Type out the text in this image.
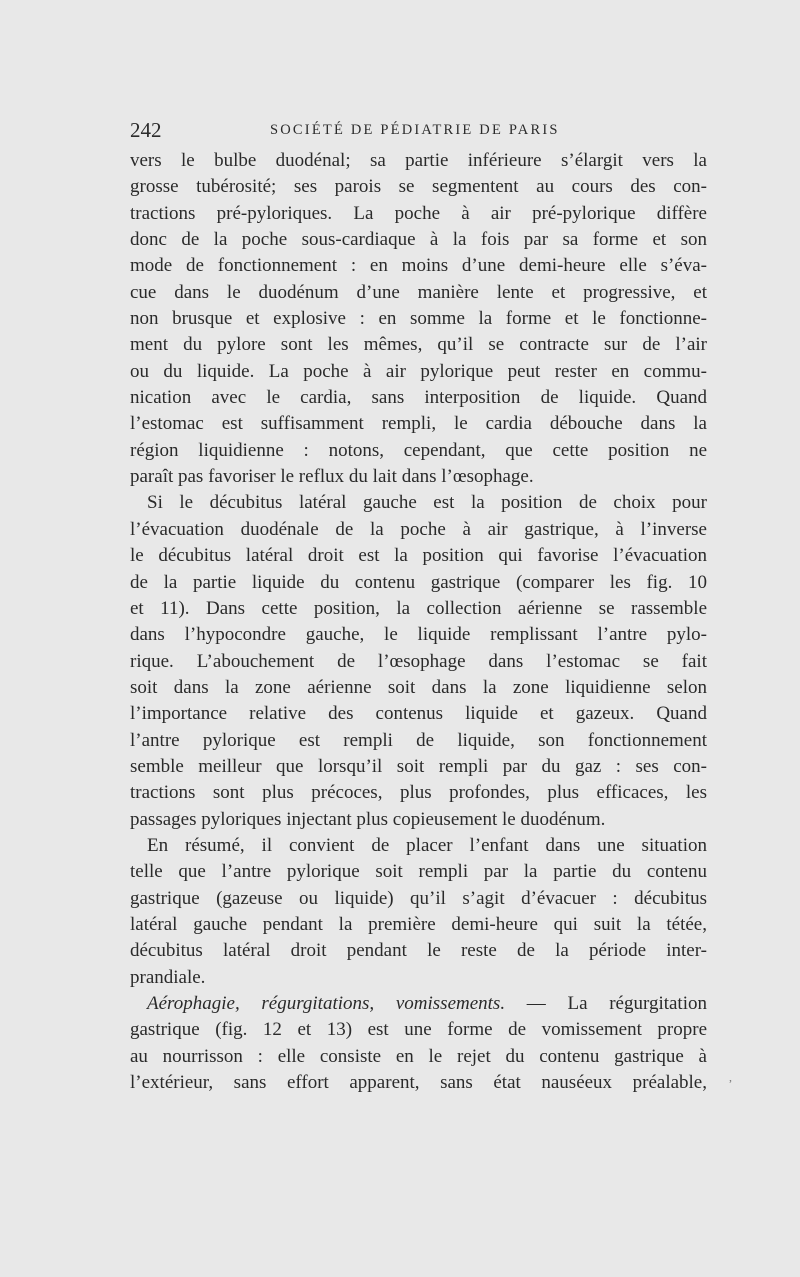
242	SOCIÉTÉ DE PÉDIATRIE DE PARIS
vers le bulbe duodénal; sa partie inférieure s’élargit vers la
grosse tubérosité; ses parois se segmentent au cours des con-
tractions pré-pyloriques. La poche à air pré-pylorique diffère
donc de la poche sous-cardiaque à la fois par sa forme et son
mode de fonctionnement : en moins d’une demi-heure elle s’éva-
cue dans le duodénum d’une manière lente et progressive, et
non brusque et explosive : en somme la forme et le fonctionne-
ment du pylore sont les mêmes, qu’il se contracte sur de l’air
ou du liquide. La poche à air pylorique peut rester en commu-
nication avec le cardia, sans interposition de liquide. Quand
l’estomac est suffisamment rempli, le cardia débouche dans la
région liquidienne : notons, cependant, que cette position ne
paraît pas favoriser le reflux du lait dans l’œsophage.
Si le décubitus latéral gauche est la position de choix pour
l’évacuation duodénale de la poche à air gastrique, à l’inverse
le décubitus latéral droit est la position qui favorise l’évacuation
de la partie liquide du contenu gastrique (comparer les fig. 10
et 11). Dans cette position, la collection aérienne se rassemble
dans l’hypocondre gauche, le liquide remplissant l’antre pylo-
rique. L’abouchement de l’œsophage dans l’estomac se fait
soit dans la zone aérienne soit dans la zone liquidienne selon
l’importance relative des contenus liquide et gazeux. Quand
l’antre pylorique est rempli de liquide, son fonctionnement
semble meilleur que lorsqu’il soit rempli par du gaz : ses con-
tractions sont plus précoces, plus profondes, plus efficaces, les
passages pyloriques injectant plus copieusement le duodénum.
En résumé, il convient de placer l’enfant dans une situation
telle que l’antre pylorique soit rempli par la partie du contenu
gastrique (gazeuse ou liquide) qu’il s’agit d’évacuer : décubitus
latéral gauche pendant la première demi-heure qui suit la tétée,
décubitus latéral droit pendant le reste de la période inter-
prandiale.
Aérophagie, régurgitations, vomissements. — La régurgitation
gastrique (fig. 12 et 13) est une forme de vomissement propre
au nourrisson : elle consiste en le rejet du contenu gastrique à
l’extérieur, sans effort apparent, sans état nauséeux préalable, ,
